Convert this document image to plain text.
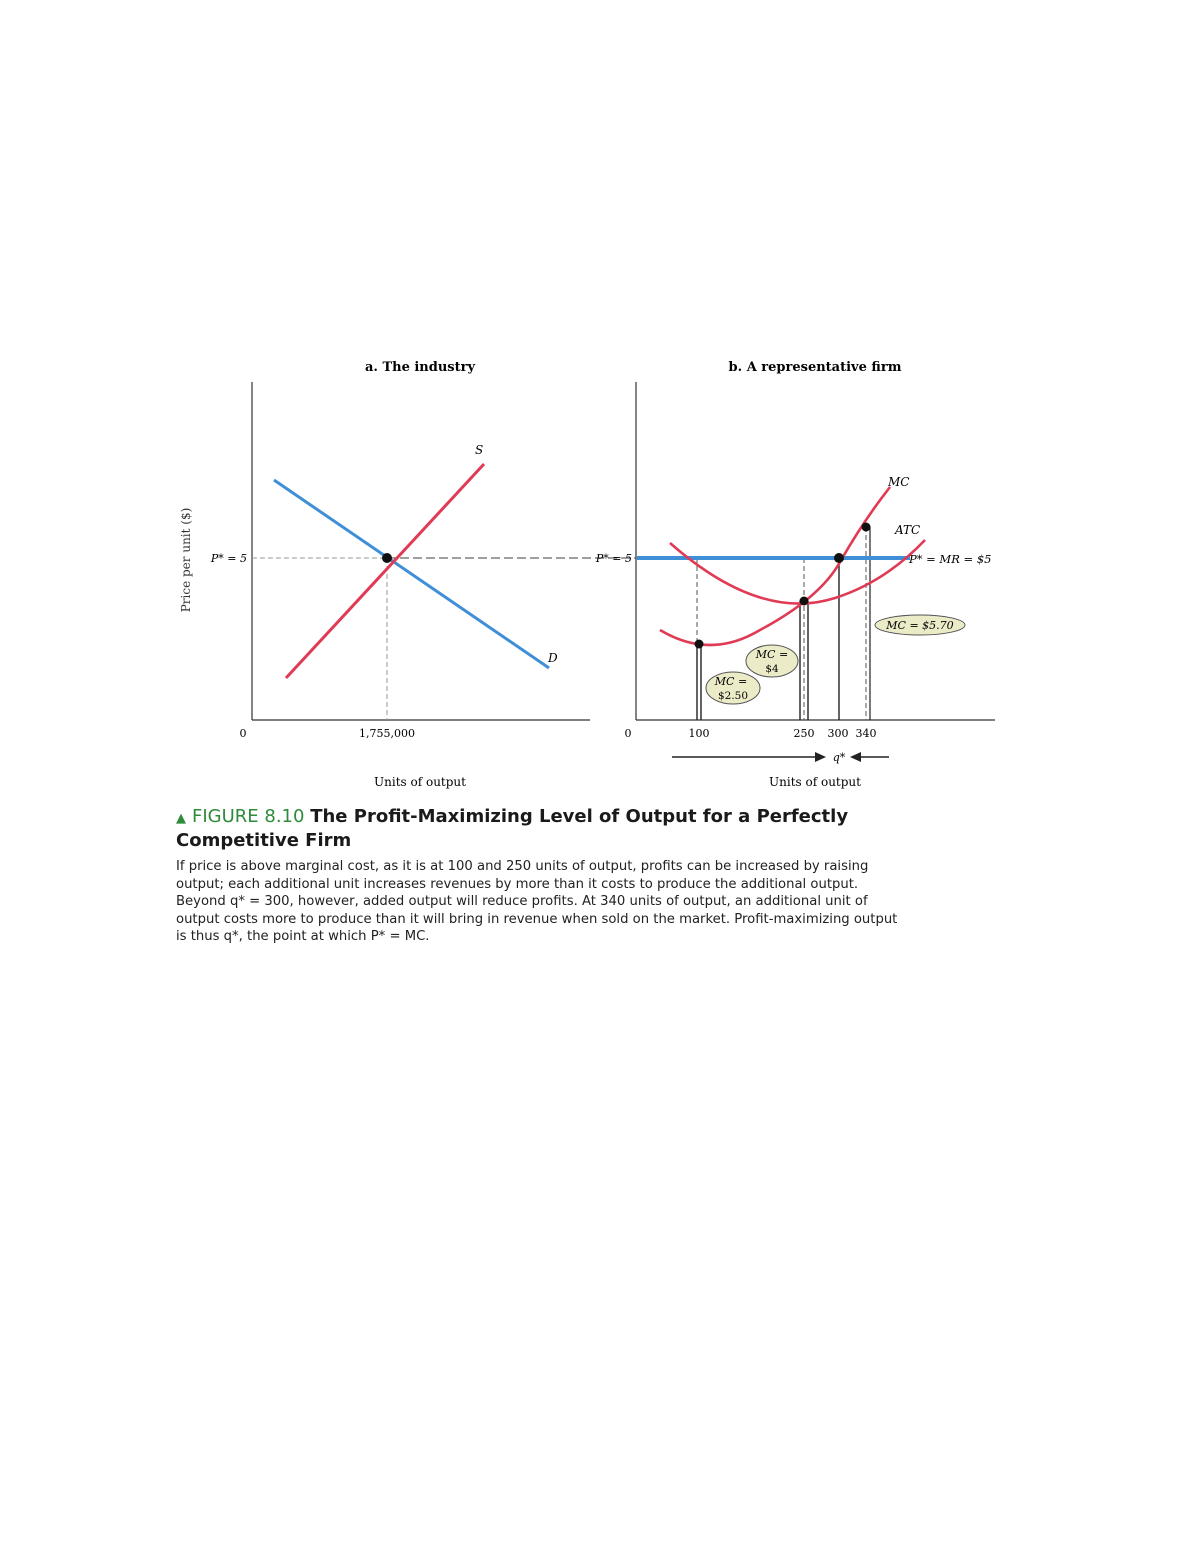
a. The industry	b. A representative firm
Price per unit ($)
S
D
P* = 5
0	1,755,000
Units of output
P* = 5
MC
ATC
P* = MR = $5
MC =
$4
MC =
$2.50
MC = $5.70
0	100	250 300 340
q*
Units of output
▲ FIGURE 8.10 The Profit-Maximizing Level of Output for a Perfectly Competitive Firm
If price is above marginal cost, as it is at 100 and 250 units of output, profits can be increased by raising output; each additional unit increases revenues by more than it costs to produce the additional output. Beyond q* = 300, however, added output will reduce profits. At 340 units of output, an additional unit of output costs more to produce than it will bring in revenue when sold on the market. Profit-maximizing output is thus q*, the point at which P* = MC.
